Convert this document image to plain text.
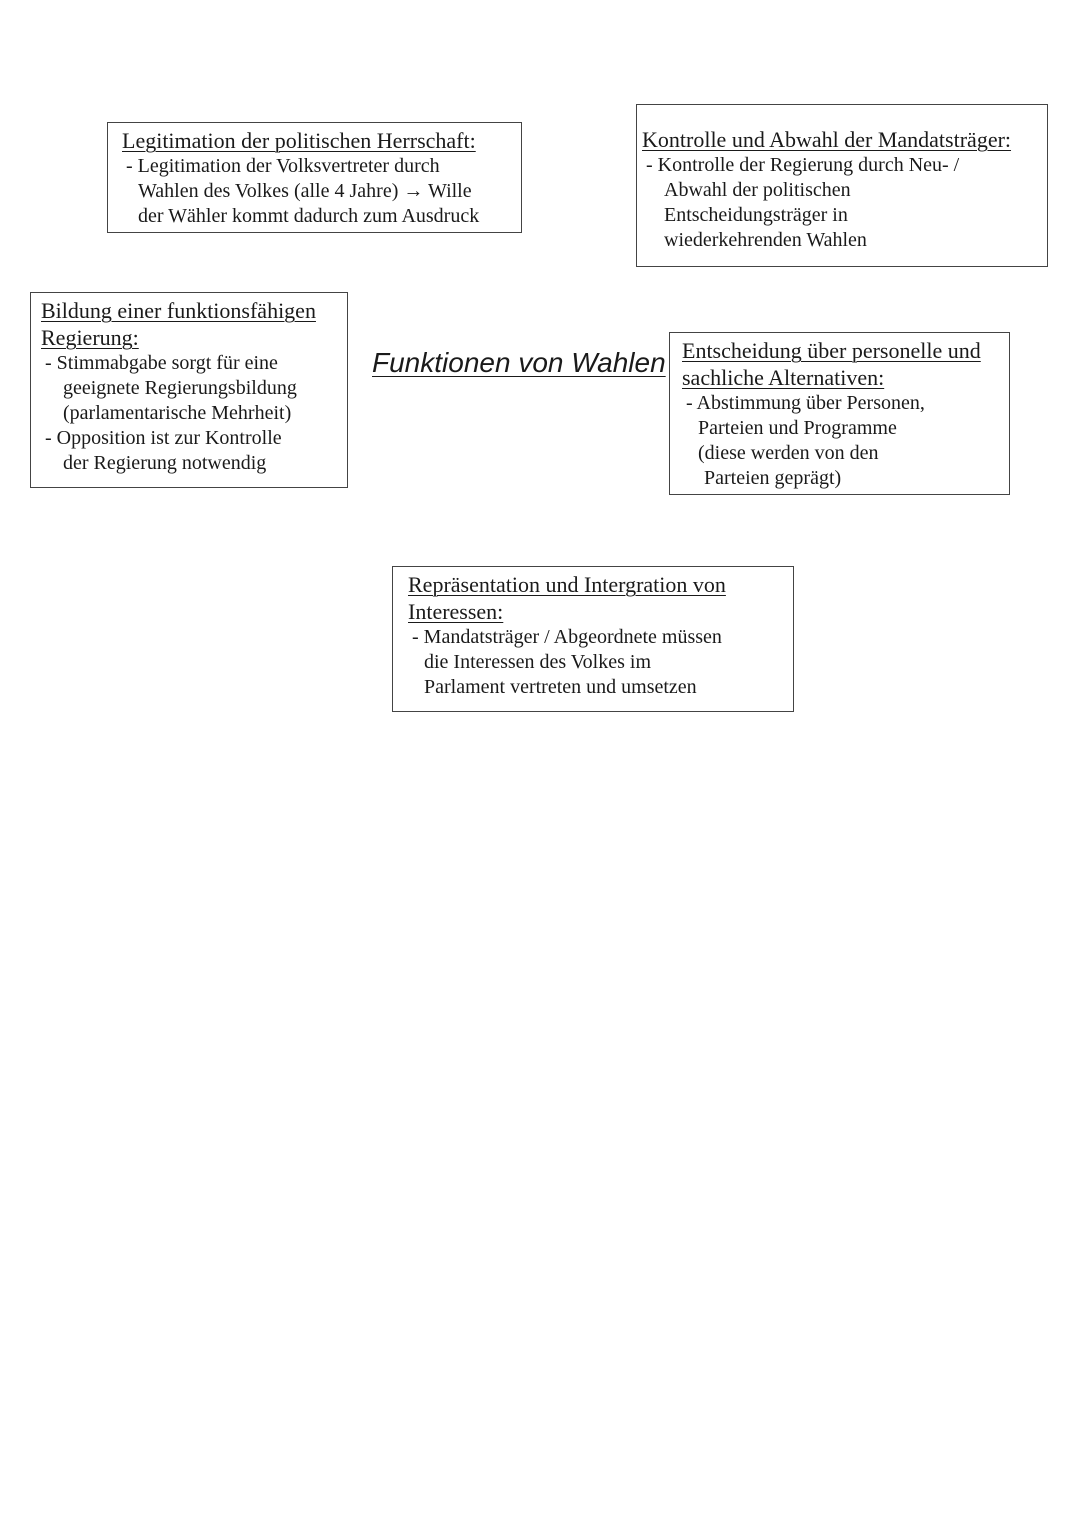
Legitimation der politischen Herrschaft:
- Legitimation der Volksvertreter durch
Wahlen des Volkes (alle 4 Jahre) → Wille
der Wähler kommt dadurch zum Ausdruck
Kontrolle und Abwahl der Mandatsträger:
- Kontrolle der Regierung durch Neu- /
Abwahl der politischen
Entscheidungsträger in
wiederkehrenden Wahlen
Bildung einer funktionsfähigen
Regierung:
- Stimmabgabe sorgt für eine
geeignete Regierungsbildung
(parlamentarische Mehrheit)
- Opposition ist zur Kontrolle
der Regierung notwendig
Funktionen von Wahlen Entscheidung über personelle und
sachliche Alternativen:
- Abstimmung über Personen,
Parteien und Programme
(diese werden von den
Parteien geprägt)
Repräsentation und Intergration von
Interessen:
- Mandatsträger / Abgeordnete müssen
die Interessen des Volkes im
Parlament vertreten und umsetzen
